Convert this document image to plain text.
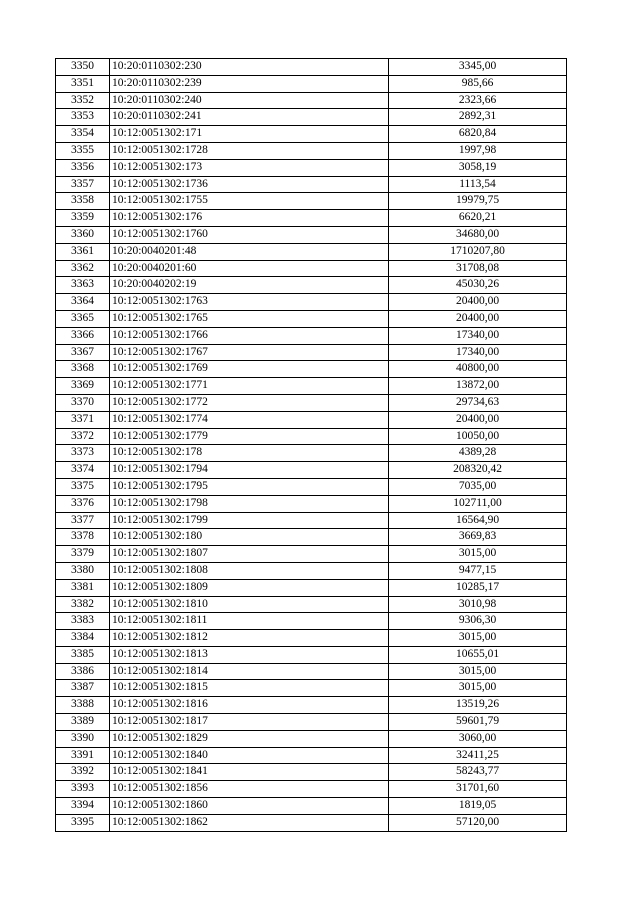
3350	10:20:0110302:230	3345,00
3351	10:20:0110302:239	985,66
3352	10:20:0110302:240	2323,66
3353	10:20:0110302:241	2892,31
3354	10:12:0051302:171	6820,84
3355	10:12:0051302:1728	1997,98
3356	10:12:0051302:173	3058,19
3357	10:12:0051302:1736	1113,54
3358	10:12:0051302:1755	19979,75
3359	10:12:0051302:176	6620,21
3360	10:12:0051302:1760	34680,00
3361	10:20:0040201:48	1710207,80
3362	10:20:0040201:60	31708,08
3363	10:20:0040202:19	45030,26
3364	10:12:0051302:1763	20400,00
3365	10:12:0051302:1765	20400,00
3366	10:12:0051302:1766	17340,00
3367	10:12:0051302:1767	17340,00
3368	10:12:0051302:1769	40800,00
3369	10:12:0051302:1771	13872,00
3370	10:12:0051302:1772	29734,63
3371	10:12:0051302:1774	20400,00
3372	10:12:0051302:1779	10050,00
3373	10:12:0051302:178	4389,28
3374	10:12:0051302:1794	208320,42
3375	10:12:0051302:1795	7035,00
3376	10:12:0051302:1798	102711,00
3377	10:12:0051302:1799	16564,90
3378	10:12:0051302:180	3669,83
3379	10:12:0051302:1807	3015,00
3380	10:12:0051302:1808	9477,15
3381	10:12:0051302:1809	10285,17
3382	10:12:0051302:1810	3010,98
3383	10:12:0051302:1811	9306,30
3384	10:12:0051302:1812	3015,00
3385	10:12:0051302:1813	10655,01
3386	10:12:0051302:1814	3015,00
3387	10:12:0051302:1815	3015,00
3388	10:12:0051302:1816	13519,26
3389	10:12:0051302:1817	59601,79
3390	10:12:0051302:1829	3060,00
3391	10:12:0051302:1840	32411,25
3392	10:12:0051302:1841	58243,77
3393	10:12:0051302:1856	31701,60
3394	10:12:0051302:1860	1819,05
3395	10:12:0051302:1862	57120,00
